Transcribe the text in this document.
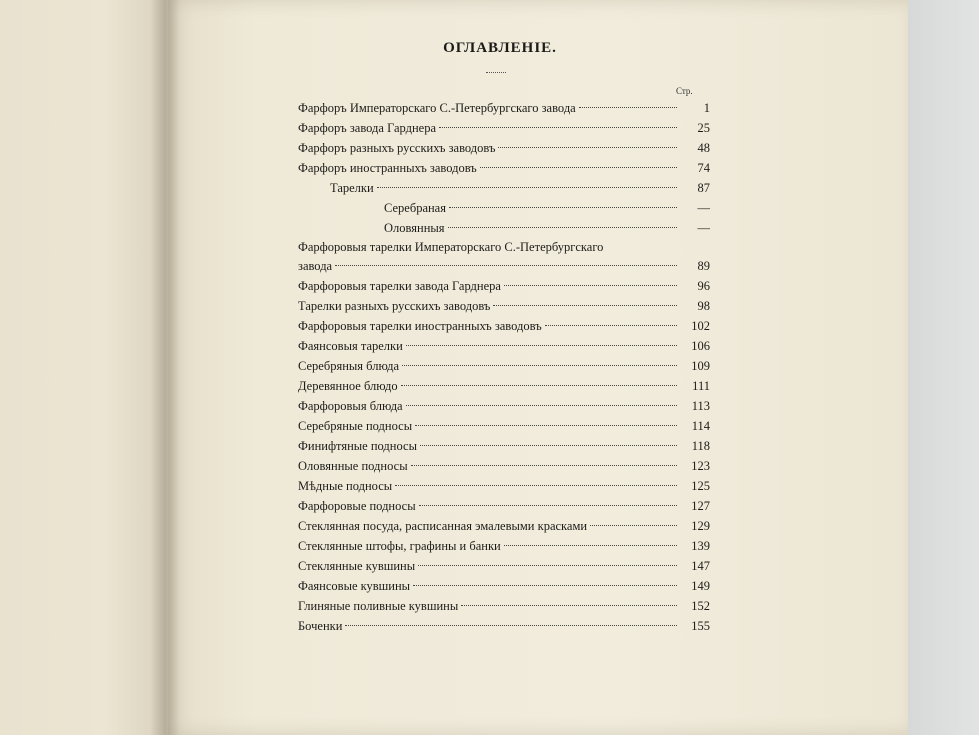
ОГЛАВЛЕНІЕ.
Стр.
Фарфоръ Императорскаго С.-Петербургскаго завода	1
Фарфоръ завода Гарднера	25
Фарфоръ разныхъ русскихъ заводовъ	48
Фарфоръ иностранныхъ заводовъ	74
Тарелки	87
Серебраная	—
Оловянныя	—
Фарфоровыя тарелки Императорскаго С.-Петербургскаго
завода	89
Фарфоровыя тарелки завода Гарднера	96
Тарелки разныхъ русскихъ заводовъ	98
Фарфоровыя тарелки иностранныхъ заводовъ	102
Фаянсовыя тарелки	106
Серебряныя блюда	109
Деревянное блюдо	111
Фарфоровыя блюда	113
Серебряные подносы	114
Финифтяные подносы	118
Оловянные подносы	123
Мѣдные подносы	125
Фарфоровые подносы	127
Стеклянная посуда, расписанная эмалевыми красками	129
Стеклянные штофы, графины и банки	139
Стеклянные кувшины	147
Фаянсовые кувшины	149
Глиняные поливные кувшины	152
Боченки	155
